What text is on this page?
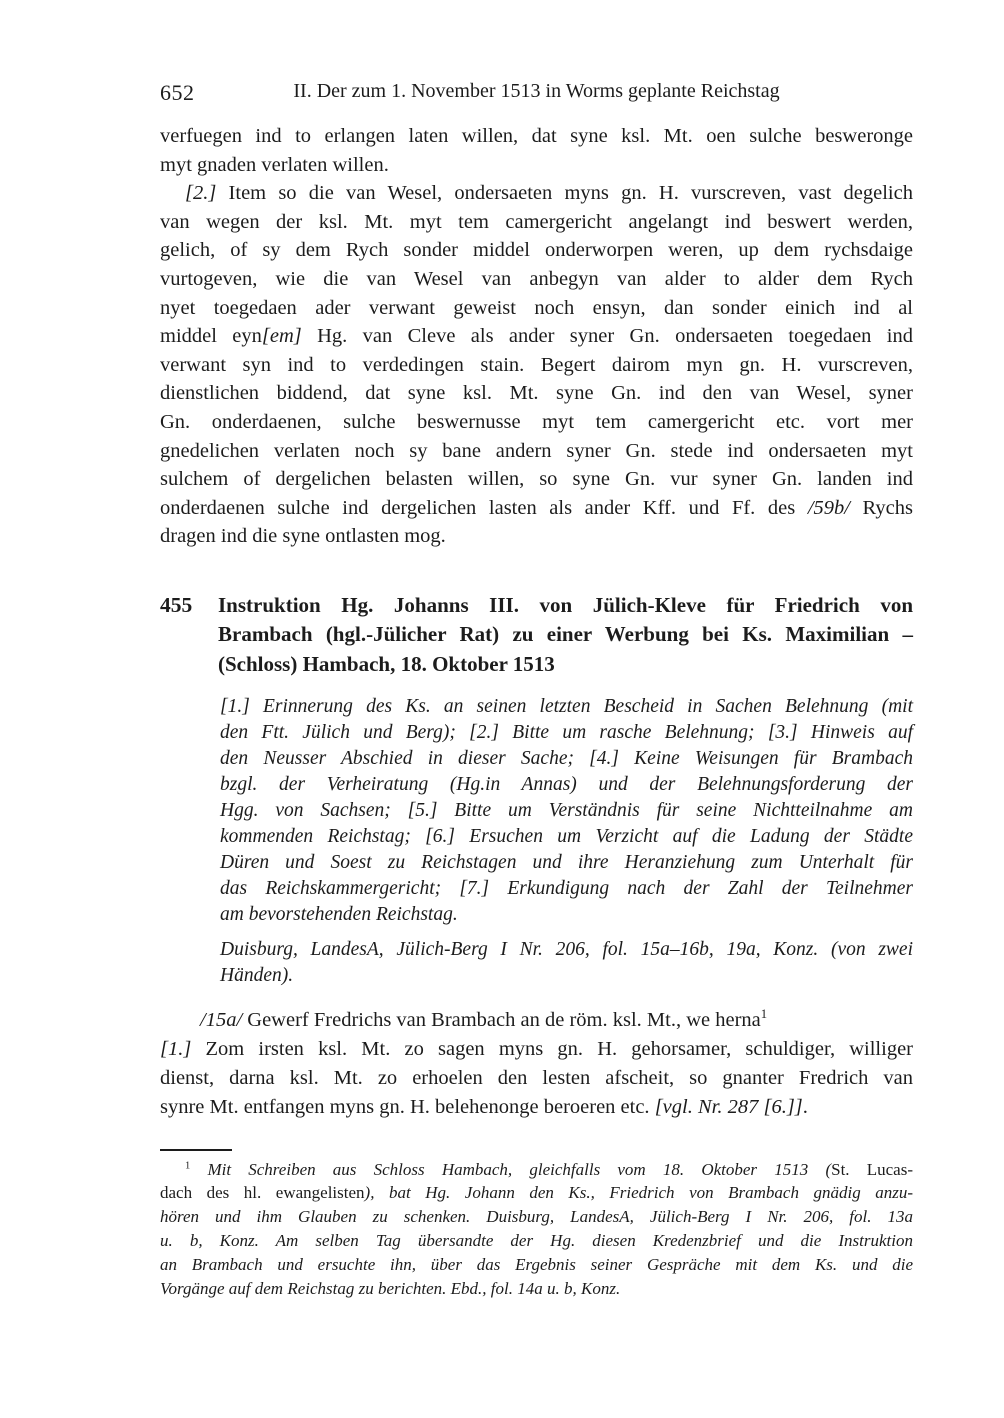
652	II. Der zum 1. November 1513 in Worms geplante Reichstag
verfuegen ind to erlangen laten willen, dat syne ksl. Mt. oen sulche besweronge
myt gnaden verlaten willen.
[2.] Item so die van Wesel, ondersaeten myns gn. H. vurscreven, vast degelich
van wegen der ksl. Mt. myt tem camergericht angelangt ind beswert werden,
gelich, of sy dem Rych sonder middel onderworpen weren, up dem rychsdaige
vurtogeven, wie die van Wesel van anbegyn van alder to alder dem Rych
nyet toegedaen ader verwant geweist noch ensyn, dan sonder einich ind al
middel eyn[em] Hg. van Cleve als ander syner Gn. ondersaeten toegedaen ind
verwant syn ind to verdedingen stain. Begert dairom myn gn. H. vurscreven,
dienstlichen biddend, dat syne ksl. Mt. syne Gn. ind den van Wesel, syner
Gn. onderdaenen, sulche beswernusse myt tem camergericht etc. vort mer
gnedelichen verlaten noch sy bane andern syner Gn. stede ind ondersaeten myt
sulchem of dergelichen belasten willen, so syne Gn. vur syner Gn. landen ind
onderdaenen sulche ind dergelichen lasten als ander Kff. und Ff. des /59b/ Rychs
dragen ind die syne ontlasten mog.
455	Instruktion Hg. Johanns III. von Jülich-Kleve für Friedrich von
Brambach (hgl.-Jülicher Rat) zu einer Werbung bei Ks. Maximilian –
(Schloss) Hambach, 18. Oktober 1513
[1.] Erinnerung des Ks. an seinen letzten Bescheid in Sachen Belehnung (mit
den Ftt. Jülich und Berg); [2.] Bitte um rasche Belehnung; [3.] Hinweis auf
den Neusser Abschied in dieser Sache; [4.] Keine Weisungen für Brambach
bzgl. der Verheiratung (Hg.in Annas) und der Belehnungsforderung der
Hgg. von Sachsen; [5.] Bitte um Verständnis für seine Nichtteilnahme am
kommenden Reichstag; [6.] Ersuchen um Verzicht auf die Ladung der Städte
Düren und Soest zu Reichstagen und ihre Heranziehung zum Unterhalt für
das Reichskammergericht; [7.] Erkundigung nach der Zahl der Teilnehmer
am bevorstehenden Reichstag.
Duisburg, LandesA, Jülich-Berg I Nr. 206, fol. 15a–16b, 19a, Konz. (von zwei
Händen).
/15a/ Gewerf Fredrichs van Brambach an de röm. ksl. Mt., we herna$^1$
[1.] Zom irsten ksl. Mt. zo sagen myns gn. H. gehorsamer, schuldiger, williger
dienst, darna ksl. Mt. zo erhoelen den lesten afscheit, so gnanter Fredrich van
synre Mt. entfangen myns gn. H. belehenonge beroeren etc. [vgl. Nr. 287 [6.]].
$^1$ Mit Schreiben aus Schloss Hambach, gleichfalls vom 18. Oktober 1513 (St. Lucas-
dach des hl. ewangelisten), bat Hg. Johann den Ks., Friedrich von Brambach gnädig anzu-
hören und ihm Glauben zu schenken. Duisburg, LandesA, Jülich-Berg I Nr. 206, fol. 13a
u. b, Konz. Am selben Tag übersandte der Hg. diesen Kredenzbrief und die Instruktion
an Brambach und ersuchte ihn, über das Ergebnis seiner Gespräche mit dem Ks. und die
Vorgänge auf dem Reichstag zu berichten. Ebd., fol. 14a u. b, Konz.
